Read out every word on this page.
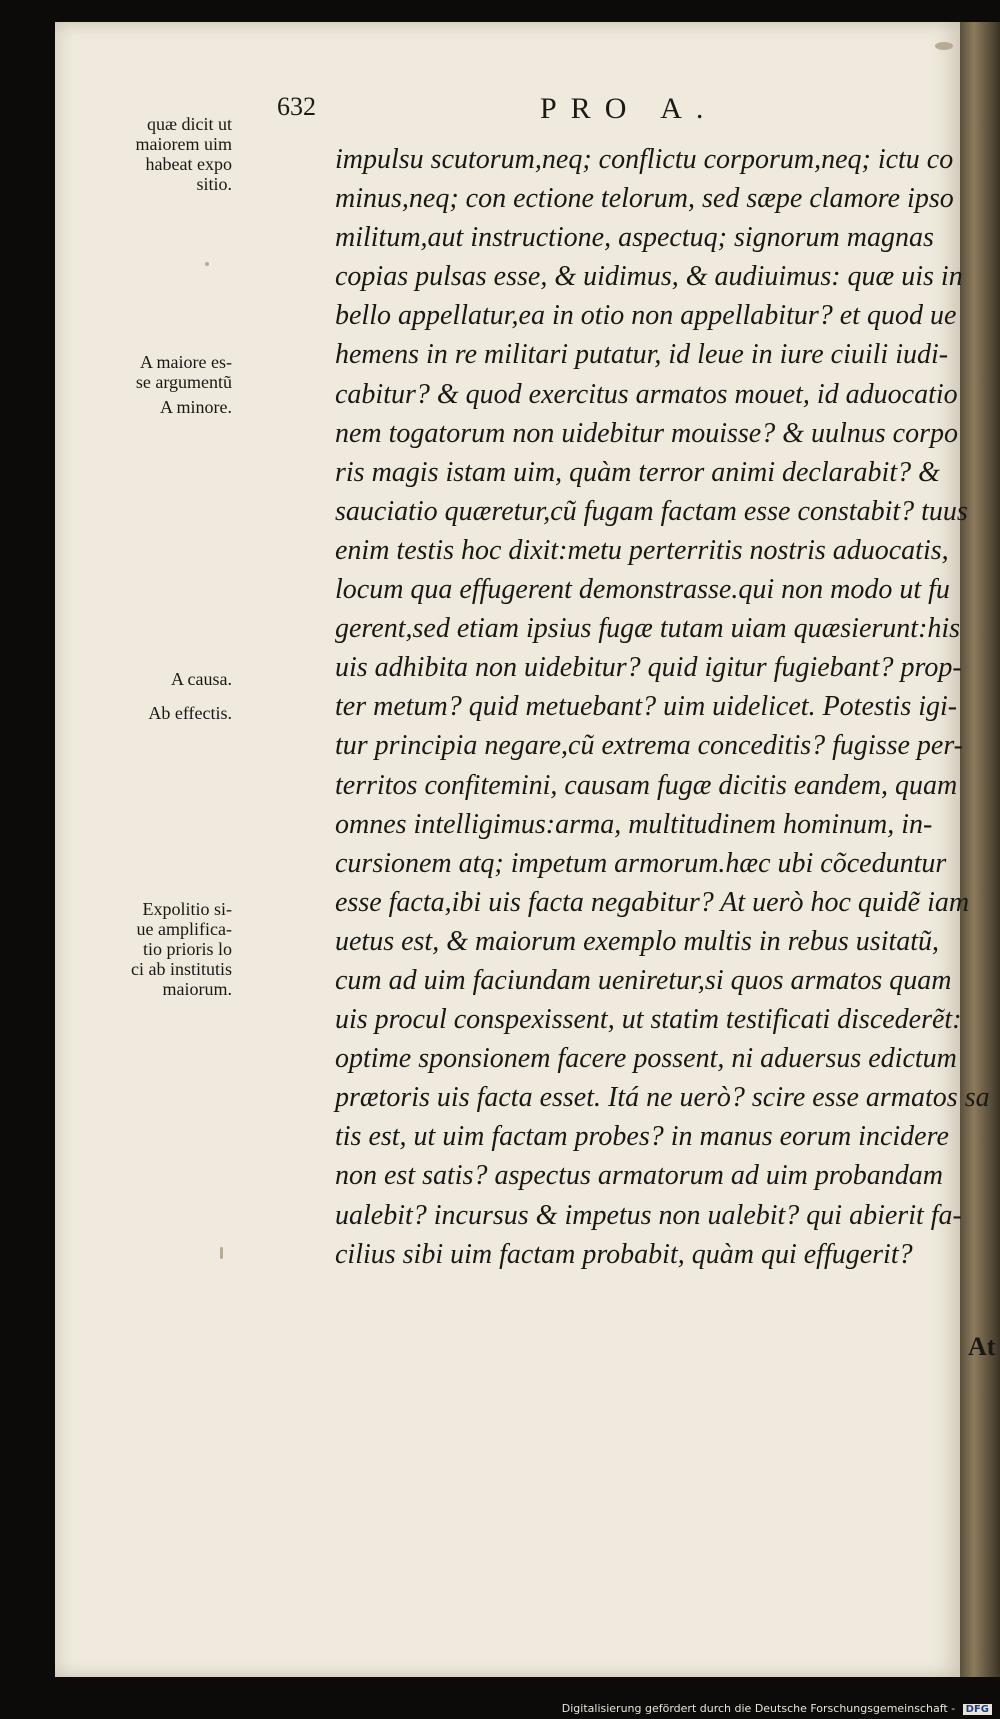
632	PRO A.
quæ dicit ut
maiorem uim
habeat expo
sitio.
A maiore es-
se argumentũ
A minore.
A causa.
Ab effectis.
Expolitio si-
ue amplifica-
tio prioris lo
ci ab institutis
maiorum.
impulsu scutorum,neq; conflictu corporum,neq; ictu co
minus,neq; con ectione telorum, sed sæpe clamore ipso
militum,aut instructione, aspectuq; signorum magnas
copias pulsas esse, & uidimus, & audiuimus: quæ uis in
bello appellatur,ea in otio non appellabitur? et quod ue
hemens in re militari putatur, id leue in iure ciuili iudi-
cabitur? & quod exercitus armatos mouet, id aduocatio
nem togatorum non uidebitur mouisse? & uulnus corpo
ris magis istam uim, quàm terror animi declarabit? &
sauciatio quæretur,cũ fugam factam esse constabit? tuus
enim testis hoc dixit:metu perterritis nostris aduocatis,
locum qua effugerent demonstrasse.qui non modo ut fu
gerent,sed etiam ipsius fugæ tutam uiam quæsierunt:his
uis adhibita non uidebitur? quid igitur fugiebant? prop-
ter metum? quid metuebant? uim uidelicet. Potestis igi-
tur principia negare,cũ extrema conceditis? fugisse per-
territos confitemini, causam fugæ dicitis eandem, quam
omnes intelligimus:arma, multitudinem hominum, in-
cursionem atq; impetum armorum.hæc ubi cõceduntur
esse facta,ibi uis facta negabitur? At uerò hoc quidẽ iam
uetus est, & maiorum exemplo multis in rebus usitatũ,
cum ad uim faciundam ueniretur,si quos armatos quam
uis procul conspexissent, ut statim testificati discederẽt:
optime sponsionem facere possent, ni aduersus edictum
prætoris uis facta esset. Itá ne uerò? scire esse armatos sa
tis est, ut uim factam probes? in manus eorum incidere
non est satis? aspectus armatorum ad uim probandam
ualebit? incursus & impetus non ualebit? qui abierit fa-
cilius sibi uim factam probabit, quàm qui effugerit?
At
Digitalisierung gefördert durch die Deutsche Forschungsgemeinschaft - DFG
